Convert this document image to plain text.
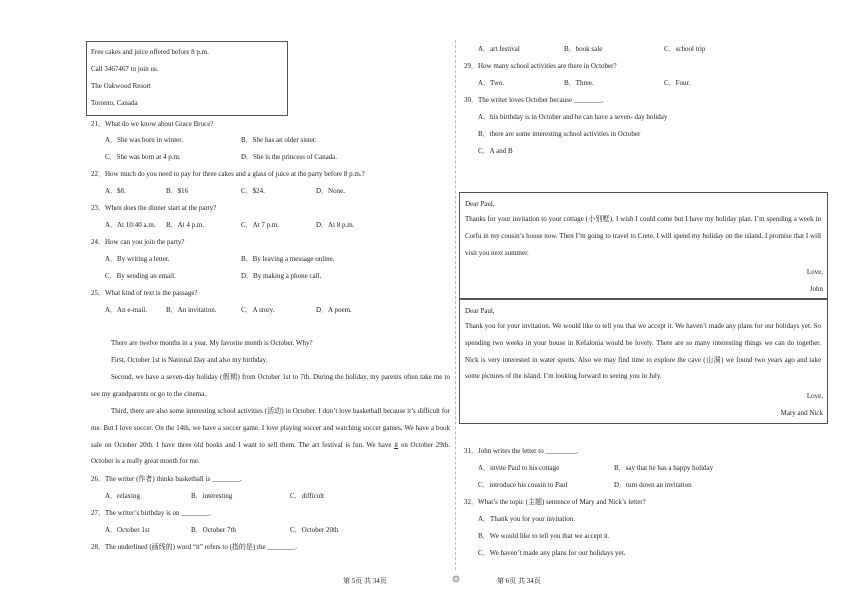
Free cakes and juice offered before 8 p.m.
Call 3467467 to join us.
The Oakwood Resort
Toronto, Canada
21．What do we know about Grace Bruce?
A．She was born in winter.	B．She has an older sister.
C．She was born at 4 p.m.	D．She is the princess of Canada.
22．How much do you need to pay for three cakes and a glass of juice at the party before 8 p.m.?
A．$8.	B．$16	C．$24.	D．None.
23．When does the dinner start at the party?
A．At 10:40 a.m. B．At 4 p.m.	C．At 7 p.m.	D．At 8 p.m.
24．How can you join the party?
A．By writing a letter.	B．By leaving a message online.
C．By sending an email.	D．By making a phone call.
25．What kind of text is the passage?
A．An e-mail.	B．An invitation.	C．A story.	D．A poem.
There are twelve months in a year. My favorite month is October. Why?
First, October 1st is National Day and also my birthday.
Second, we have a seven-day holiday (假期) from October 1st to 7th. During the holiday, my parents often take me to see my grandparents or go to the cinema.
Third, there are also some interesting school activities (活动) in October. I don’t love basketball because it’s difficult for me. But I love soccer. On the 14th, we have a soccer game. I love playing soccer and watching soccer games. We have a book sale on October 20th. I have three old books and I want to sell them. The art festival is fun. We have it on October 29th. October is a really great month for me.
26．The writer (作者) thinks basketball is ________.
A．relaxing	B．interesting	C．difficult
27．The writer’s birthday is on ________.
A．October 1st	B．October 7th	C．October 20th
28．The underlined (画线的) word “it” refers to (指的是) the ________.
A．art festival	B．book sale	C．school trip
29．How many school activities are there in October?
A．Two.	B．Three.	C．Four.
30．The writer loves October because ________.
A．his birthday is in October and he can have a seven- day holiday
B．there are some interesting school activities in October
C．A and B
Dear Paul,
Thanks for your invitation to your cottage (小别墅). I wish I could come but I have my holiday plan. I’m spending a week in Corfu in my cousin’s house now. Then I’m going to travel to Crete. I will spend my holiday on the island. I promise that I will visit you next summer.
Love,
John
Dear Paul,
Thank you for your invitation. We would like to tell you that we accept it. We haven’t made any plans for our holidays yet. So spending two weeks in your house in Kefalonia would be lovely. There are so many interesting things we can do together. Nick is very interested in water sports. Also we may find time to explore the cave (山洞) we found two years ago and take some pictures of the island. I’m looking forward to seeing you in July.
Love,
Mary and Nick
31．John writes the letter to _________.
A．invite Paul to his cottage	B．say that he has a happy holiday
C．introduce his cousin to Paul	D．turn down an invitation
32．What’s the topic (主题) sentence of Mary and Nick’s letter?
A．Thank you for your invitation.
B．We would like to tell you that we accept it.
C．We haven’t made any plans for our holidays yet.
第 5页 共 34页	第 6页 共 34页
